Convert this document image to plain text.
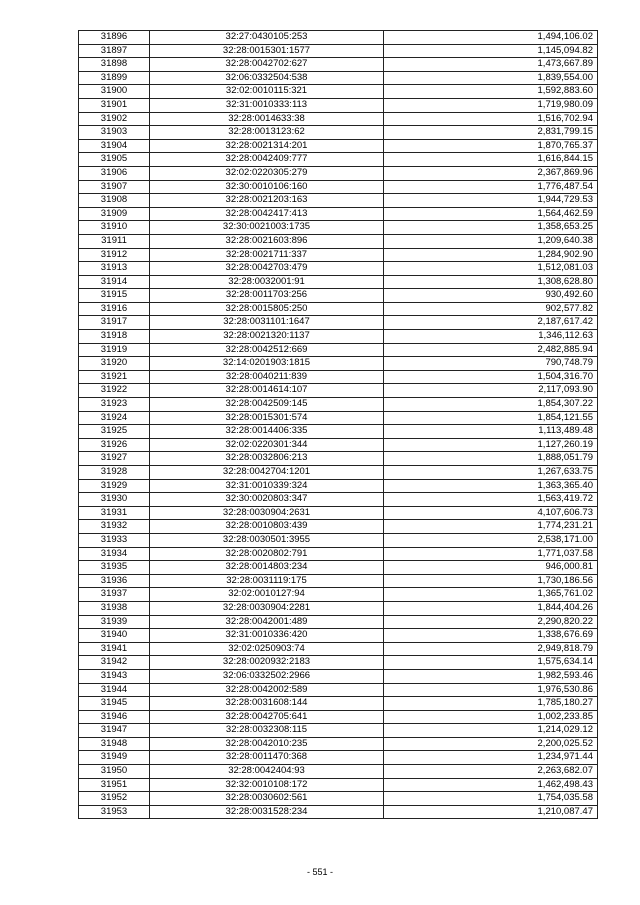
31896	32:27:0430105:253	1,494,106.02
31897	32:28:0015301:1577	1,145,094.82
31898	32:28:0042702:627	1,473,667.89
31899	32:06:0332504:538	1,839,554.00
31900	32:02:0010115:321	1,592,883.60
31901	32:31:0010333:113	1,719,980.09
31902	32:28:0014633:38	1,516,702.94
31903	32:28:0013123:62	2,831,799.15
31904	32:28:0021314:201	1,870,765.37
31905	32:28:0042409:777	1,616,844.15
31906	32:02:0220305:279	2,367,869.96
31907	32:30:0010106:160	1,776,487.54
31908	32:28:0021203:163	1,944,729.53
31909	32:28:0042417:413	1,564,462.59
31910	32:30:0021003:1735	1,358,653.25
31911	32:28:0021603:896	1,209,640.38
31912	32:28:0021711:337	1,284,902.90
31913	32:28:0042703:479	1,512,081.03
31914	32:28:0032001:91	1,308,628.80
31915	32:28:0011703:256	930,492.60
31916	32:28:0015805:250	902,577.82
31917	32:28:0031101:1647	2,187,617.42
31918	32:28:0021320:1137	1,346,112.63
31919	32:28:0042512:669	2,482,885.94
31920	32:14:0201903:1815	790,748.79
31921	32:28:0040211:839	1,504,316.70
31922	32:28:0014614:107	2,117,093.90
31923	32:28:0042509:145	1,854,307.22
31924	32:28:0015301:574	1,854,121.55
31925	32:28:0014406:335	1,113,489.48
31926	32:02:0220301:344	1,127,260.19
31927	32:28:0032806:213	1,888,051.79
31928	32:28:0042704:1201	1,267,633.75
31929	32:31:0010339:324	1,363,365.40
31930	32:30:0020803:347	1,563,419.72
31931	32:28:0030904:2631	4,107,606.73
31932	32:28:0010803:439	1,774,231.21
31933	32:28:0030501:3955	2,538,171.00
31934	32:28:0020802:791	1,771,037.58
31935	32:28:0014803:234	946,000.81
31936	32:28:0031119:175	1,730,186.56
31937	32:02:0010127:94	1,365,761.02
31938	32:28:0030904:2281	1,844,404.26
31939	32:28:0042001:489	2,290,820.22
31940	32:31:0010336:420	1,338,676.69
31941	32:02:0250903:74	2,949,818.79
31942	32:28:0020932:2183	1,575,634.14
31943	32:06:0332502:2966	1,982,593.46
31944	32:28:0042002:589	1,976,530.86
31945	32:28:0031608:144	1,785,180.27
31946	32:28:0042705:641	1,002,233.85
31947	32:28:0032308:115	1,214,029.12
31948	32:28:0042010:235	2,200,025.52
31949	32:28:0011470:368	1,234,971.44
31950	32:28:0042404:93	2,263,682.07
31951	32:32:0010108:172	1,462,498.43
31952	32:28:0030602:561	1,754,035.58
31953	32:28:0031528:234	1,210,087.47
- 551 -
